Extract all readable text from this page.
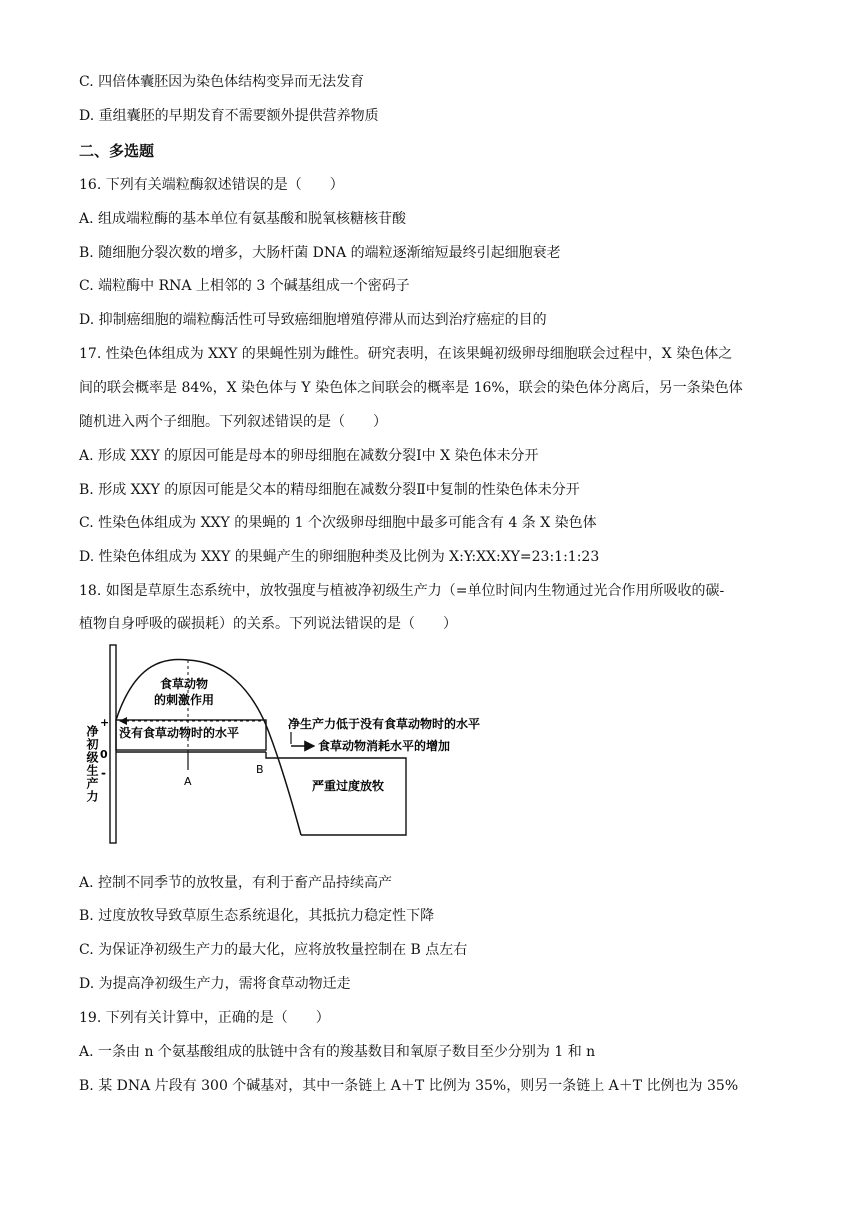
C. 四倍体囊胚因为染色体结构变异而无法发育
D. 重组囊胚的早期发育不需要额外提供营养物质
二、多选题
16. 下列有关端粒酶叙述错误的是（　　）
A. 组成端粒酶的基本单位有氨基酸和脱氧核糖核苷酸
B. 随细胞分裂次数的增多，大肠杆菌 DNA 的端粒逐渐缩短最终引起细胞衰老
C. 端粒酶中 RNA 上相邻的 3 个碱基组成一个密码子
D. 抑制癌细胞的端粒酶活性可导致癌细胞增殖停滞从而达到治疗癌症的目的
17. 性染色体组成为 XXY 的果蝇性别为雌性。研究表明，在该果蝇初级卵母细胞联会过程中，X 染色体之
间的联会概率是 84%，X 染色体与 Y 染色体之间联会的概率是 16%，联会的染色体分离后，另一条染色体
随机进入两个子细胞。下列叙述错误的是（　　）
A. 形成 XXY 的原因可能是母本的卵母细胞在减数分裂Ⅰ中 X 染色体未分开
B. 形成 XXY 的原因可能是父本的精母细胞在减数分裂Ⅱ中复制的性染色体未分开
C. 性染色体组成为 XXY 的果蝇的 1 个次级卵母细胞中最多可能含有 4 条 X 染色体
D. 性染色体组成为 XXY 的果蝇产生的卵细胞种类及比例为 X:Y:XX:XY=23:1:1:23
18. 如图是草原生态系统中，放牧强度与植被净初级生产力（=单位时间内生物通过光合作用所吸收的碳-
植物自身呼吸的碳损耗）的关系。下列说法错误的是（　　）
净初级生产力
+
0
-
A
B
食草动物
的刺激作用
没有食草动物时的水平
净生产力低于没有食草动物时的水平
食草动物消耗水平的增加
严重过度放牧
A. 控制不同季节的放牧量，有利于畜产品持续高产
B. 过度放牧导致草原生态系统退化，其抵抗力稳定性下降
C. 为保证净初级生产力的最大化，应将放牧量控制在 B 点左右
D. 为提高净初级生产力，需将食草动物迁走
19. 下列有关计算中，正确的是（　　）
A. 一条由 n 个氨基酸组成的肽链中含有的羧基数目和氧原子数目至少分别为 1 和 n
B. 某 DNA 片段有 300 个碱基对，其中一条链上 A＋T 比例为 35%，则另一条链上 A＋T 比例也为 35%
